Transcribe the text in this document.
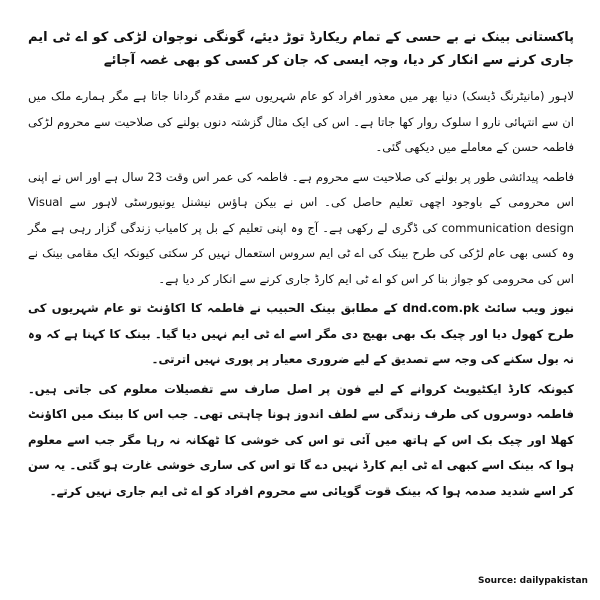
پاکستانی بینک نے بے حسی کے تمام ریکارڈ توڑ دیئے، گونگی نوجوان لڑکی کو اے ٹی ایم جاری کرنے سے انکار کر دیا، وجہ ایسی کہ جان کر کسی کو بھی غصہ آجائے

لاہور (مانیٹرنگ ڈیسک) دنیا بھر میں معذور افراد کو عام شہریوں سے مقدم گردانا جاتا ہے مگر ہمارے ملک میں ان سے انتہائی نارو ا سلوک روار کھا جاتا ہے۔ اس کی ایک مثال گزشتہ دنوں بولنے کی صلاحیت سے محروم لڑکی فاطمہ حسن کے معاملے میں دیکھی گئی۔

فاطمہ پیدائشی طور پر بولنے کی صلاحیت سے محروم ہے۔ فاطمہ کی عمر اس وقت 23 سال ہے اور اس نے اپنی اس محرومی کے باوجود اچھی تعلیم حاصل کی۔ اس نے بیکن ہاؤس نیشنل یونیورسٹی لاہور سے Visual communication design کی ڈگری لے رکھی ہے۔ آج وہ اپنی تعلیم کے بل پر کامیاب زندگی گزار رہی ہے مگر وہ کسی بھی عام لڑکی کی طرح بینک کی اے ٹی ایم سروس استعمال نہیں کر سکتی کیونکہ ایک مقامی بینک نے اس کی محرومی کو جواز بنا کر اس کو اے ٹی ایم کارڈ جاری کرنے سے انکار کر دیا ہے۔

نیوز ویب سائٹ dnd.com.pk کے مطابق بینک الحبیب نے فاطمہ کا اکاؤنٹ تو عام شہریوں کی طرح کھول دیا اور چیک بک بھی بھیج دی مگر اسے اے ٹی ایم نہیں دیا گیا۔ بینک کا کہنا ہے کہ وہ نہ بول سکنے کی وجہ سے تصدیق کے لیے ضروری معیار پر پوری نہیں اترتی۔

کیونکہ کارڈ ایکٹیویٹ کروانے کے لیے فون پر اصل صارف سے تفصیلات معلوم کی جاتی ہیں۔ فاطمہ دوسروں کی طرف زندگی سے لطف اندوز ہونا چاہتی تھی۔ جب اس کا بینک میں اکاؤنٹ کھلا اور چیک بک اس کے ہاتھ میں آئی تو اس کی خوشی کا ٹھکانہ نہ رہا مگر جب اسے معلوم ہوا کہ بینک اسے کبھی اے ٹی ایم کارڈ نہیں دے گا تو اس کی ساری خوشی غارت ہو گئی۔ یہ سن کر اسے شدید صدمہ ہوا کہ بینک قوت گویائی سے محروم افراد کو اے ٹی ایم جاری نہیں کرتے۔

Source: dailypakistan
